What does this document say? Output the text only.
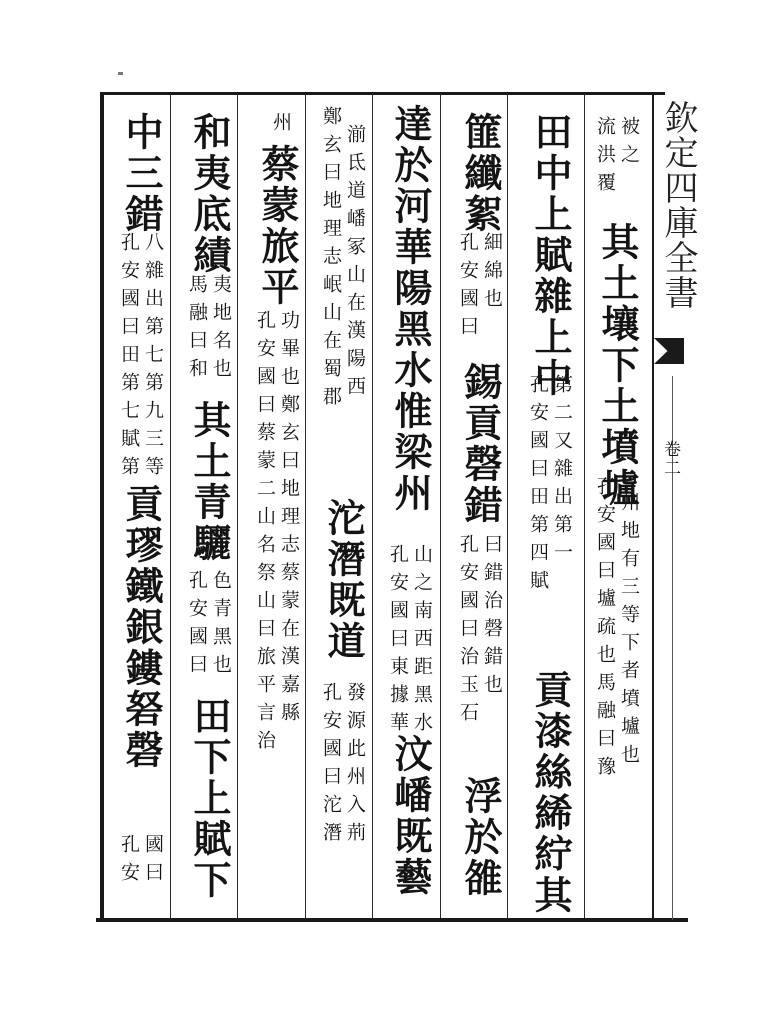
欽定四庫全書
卷二
流洪覆 被之
其土壤下土墳壚
孔安國曰壚疏也馬融曰豫 州地有三等下者墳壚也
田中上賦雜上中
孔安國曰田第四賦 第二又雜出第一
貢漆絲絺紵其
篚纖絮
孔安國曰 細綿也
錫貢磬錯
孔安國曰治玉石 曰錯治磬錯也
浮於雒
達於河華陽黑水惟梁州
孔安國曰東據華 山之南西距黑水
汶嶓既藝
鄭玄曰地理志岷山在蜀郡 湔氐道嶓冢山在漢陽西
沱潛既道
孔安國曰沱潛 發源此州入荊
州
蔡蒙旅平
孔安國曰蔡蒙二山名祭山曰旅平言治 功畢也鄭玄曰地理志蔡蒙在漢嘉縣
和夷底績
馬融曰和 夷地名也
其土青驪
孔安國曰 色青黑也
田下上賦下
中三錯
孔安國曰田第七賦第 八雜出第七第九三等
貢璆鐵銀鏤砮磬
孔安 國曰
